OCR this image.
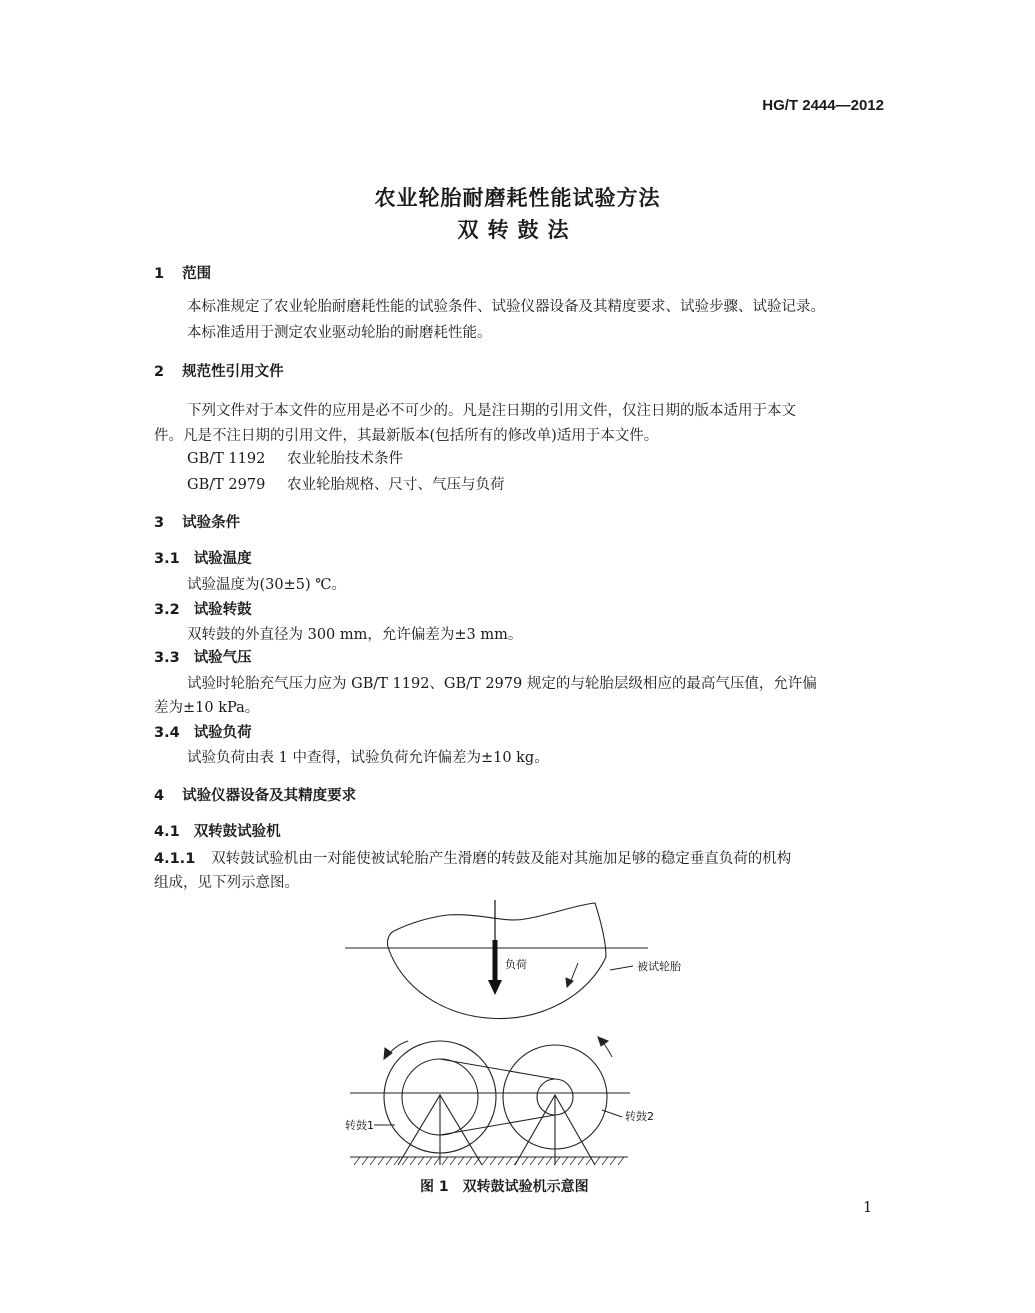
HG/T 2444—2012
农业轮胎耐磨耗性能试验方法
双转鼓法
1 范围
本标准规定了农业轮胎耐磨耗性能的试验条件、试验仪器设备及其精度要求、试验步骤、试验记录。
本标准适用于测定农业驱动轮胎的耐磨耗性能。
2 规范性引用文件
下列文件对于本文件的应用是必不可少的。凡是注日期的引用文件，仅注日期的版本适用于本文
件。凡是不注日期的引用文件，其最新版本(包括所有的修改单)适用于本文件。
GB/T 1192 农业轮胎技术条件
GB/T 2979 农业轮胎规格、尺寸、气压与负荷
3 试验条件
3.1 试验温度
试验温度为(30±5) ℃。
3.2 试验转鼓
双转鼓的外直径为 300 mm，允许偏差为±3 mm。
3.3 试验气压
试验时轮胎充气压力应为 GB/T 1192、GB/T 2979 规定的与轮胎层级相应的最高气压值，允许偏
差为±10 kPa。
3.4 试验负荷
试验负荷由表 1 中查得，试验负荷允许偏差为±10 kg。
4 试验仪器设备及其精度要求
4.1 双转鼓试验机
4.1.1 双转鼓试验机由一对能使被试轮胎产生滑磨的转鼓及能对其施加足够的稳定垂直负荷的机构
组成，见下列示意图。
负荷	被试轮胎
转鼓1
转鼓2
图 1　双转鼓试验机示意图
1
